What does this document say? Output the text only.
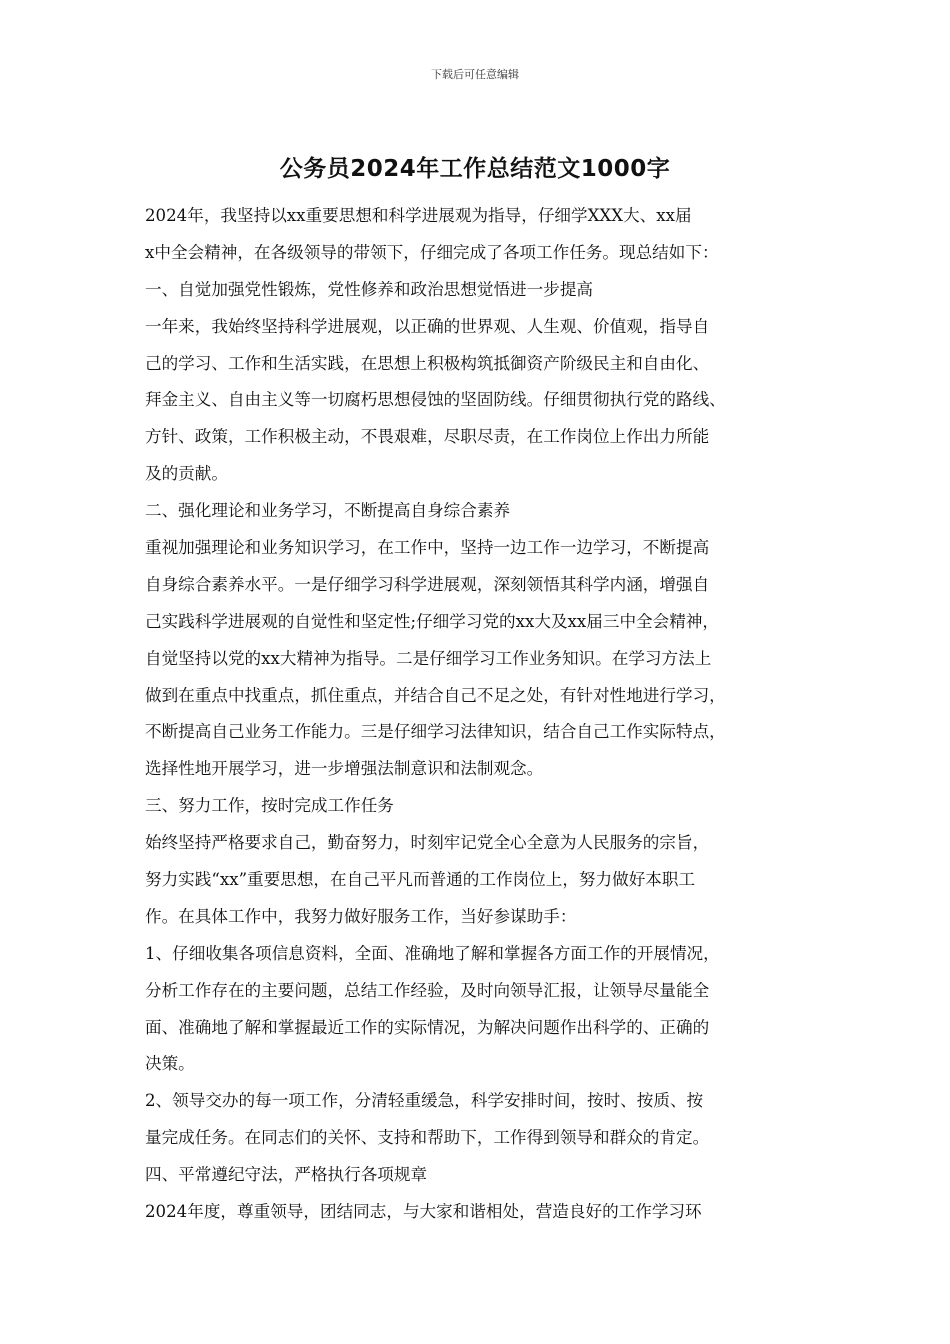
下载后可任意编辑
公务员2024年工作总结范文1000字
2024年，我坚持以xx重要思想和科学进展观为指导，仔细学XXX大、xx届
x中全会精神，在各级领导的带领下，仔细完成了各项工作任务。现总结如下：
一、自觉加强党性锻炼，党性修养和政治思想觉悟进一步提高
一年来，我始终坚持科学进展观，以正确的世界观、人生观、价值观，指导自
己的学习、工作和生活实践，在思想上积极构筑抵御资产阶级民主和自由化、
拜金主义、自由主义等一切腐朽思想侵蚀的坚固防线。仔细贯彻执行党的路线、
方针、政策，工作积极主动，不畏艰难，尽职尽责，在工作岗位上作出力所能
及的贡献。
二、强化理论和业务学习，不断提高自身综合素养
重视加强理论和业务知识学习，在工作中，坚持一边工作一边学习，不断提高
自身综合素养水平。一是仔细学习科学进展观，深刻领悟其科学内涵，增强自
己实践科学进展观的自觉性和坚定性;仔细学习党的xx大及xx届三中全会精神，
自觉坚持以党的xx大精神为指导。二是仔细学习工作业务知识。在学习方法上
做到在重点中找重点，抓住重点，并结合自己不足之处，有针对性地进行学习，
不断提高自己业务工作能力。三是仔细学习法律知识，结合自己工作实际特点，
选择性地开展学习，进一步增强法制意识和法制观念。
三、努力工作，按时完成工作任务
始终坚持严格要求自己，勤奋努力，时刻牢记党全心全意为人民服务的宗旨，
努力实践“xx”重要思想，在自己平凡而普通的工作岗位上，努力做好本职工
作。在具体工作中，我努力做好服务工作，当好参谋助手：
1、仔细收集各项信息资料，全面、准确地了解和掌握各方面工作的开展情况，
分析工作存在的主要问题，总结工作经验，及时向领导汇报，让领导尽量能全
面、准确地了解和掌握最近工作的实际情况，为解决问题作出科学的、正确的
决策。
2、领导交办的每一项工作，分清轻重缓急，科学安排时间，按时、按质、按
量完成任务。在同志们的关怀、支持和帮助下，工作得到领导和群众的肯定。
四、平常遵纪守法，严格执行各项规章
2024年度，尊重领导，团结同志，与大家和谐相处，营造良好的工作学习环
